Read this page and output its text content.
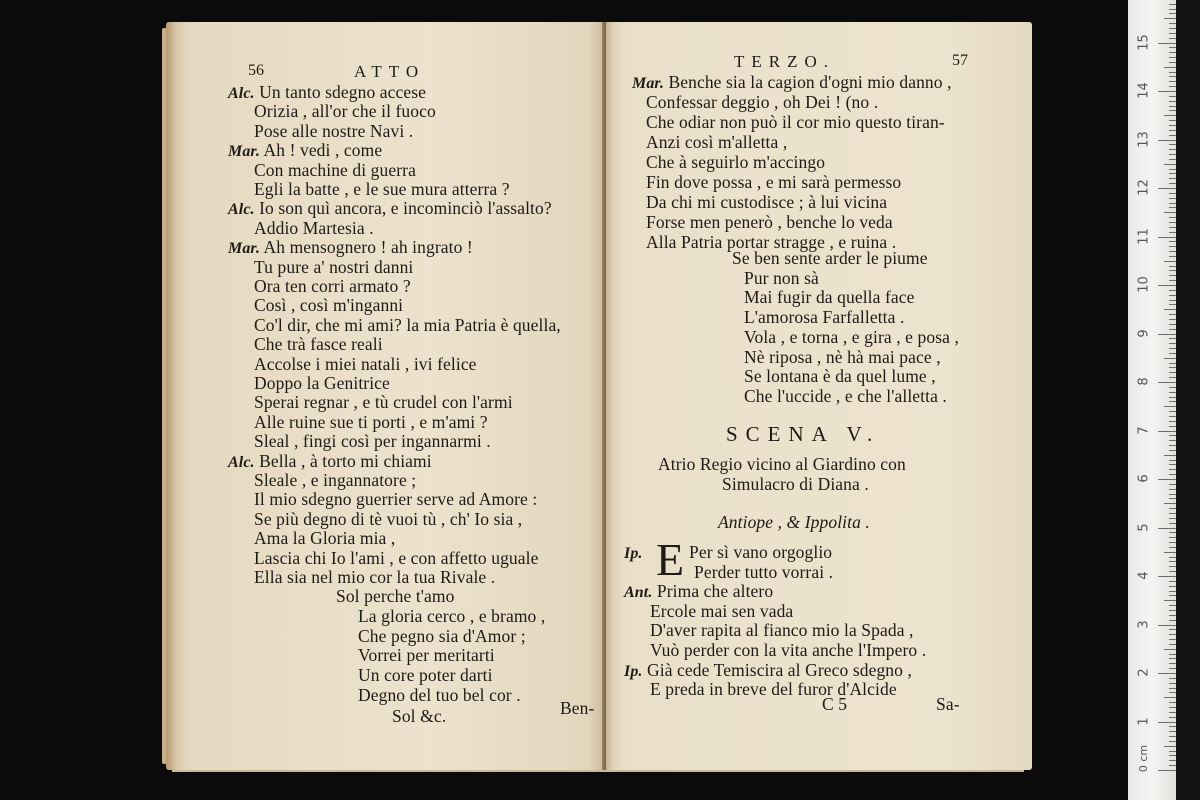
56	ATTO
Alc. Un tanto sdegno accese
Orizia , all'or che il fuoco
Pose alle nostre Navi .
Mar. Ah ! vedi , come
Con machine di guerra
Egli la batte , e le sue mura atterra ?
Alc. Io son quì ancora, e incominciò l'assalto?
Addio Martesia .
Mar. Ah mensognero ! ah ingrato !
Tu pure a' nostri danni
Ora ten corri armato ?
Così , così m'inganni
Co'l dir, che mi ami? la mia Patria è quella,
Che trà fasce reali
Accolse i miei natali , ivi felice
Doppo la Genitrice
Sperai regnar , e tù crudel con l'armi
Alle ruine sue ti porti , e m'ami ?
Sleal , fingi così per ingannarmi .
Alc. Bella , à torto mi chiami
Sleale , e ingannatore ;
Il mio sdegno guerrier serve ad Amore :
Se più degno di tè vuoi tù , ch' Io sia ,
Ama la Gloria mia ,
Lascia chi Io l'ami , e con affetto uguale
Ella sia nel mio cor la tua Rivale .
Sol perche t'amo
La gloria cerco , e bramo ,
Che pegno sia d'Amor ;
Vorrei per meritarti
Un core poter darti
Degno del tuo bel cor .
Sol &c.	Ben-
TERZO.	57
Mar. Benche sia la cagion d'ogni mio danno ,
Confessar deggio , oh Dei ! (no .
Che odiar non può il cor mio questo tiran-
Anzi così m'alletta ,
Che à seguirlo m'accingo
Fin dove possa , e mi sarà permesso
Da chi mi custodisce ; à lui vicina
Forse men penerò , benche lo veda
Alla Patria portar stragge , e ruina .
Se ben sente arder le piume
Pur non sà
Mai fugir da quella face
L'amorosa Farfalletta .
Vola , e torna , e gira , e posa ,
Nè riposa , nè hà mai pace ,
Se lontana è da quel lume ,
Che l'uccide , e che l'alletta .
SCENA V.
Atrio Regio vicino al Giardino con
Simulacro di Diana .
Antiope , & Ippolita .
E
Ip.	Per sì vano orgoglio
Perder tutto vorrai .
Ant. Prima che altero
Ercole mai sen vada
D'aver rapita al fianco mio la Spada ,
Vuò perder con la vita anche l'Impero .
Ip. Già cede Temiscira al Greco sdegno ,
E preda in breve del furor d'Alcide
C 5	Sa-
0 cm
1
2
3
4
5
6
7
8
9
10
11
12
13
14
15
